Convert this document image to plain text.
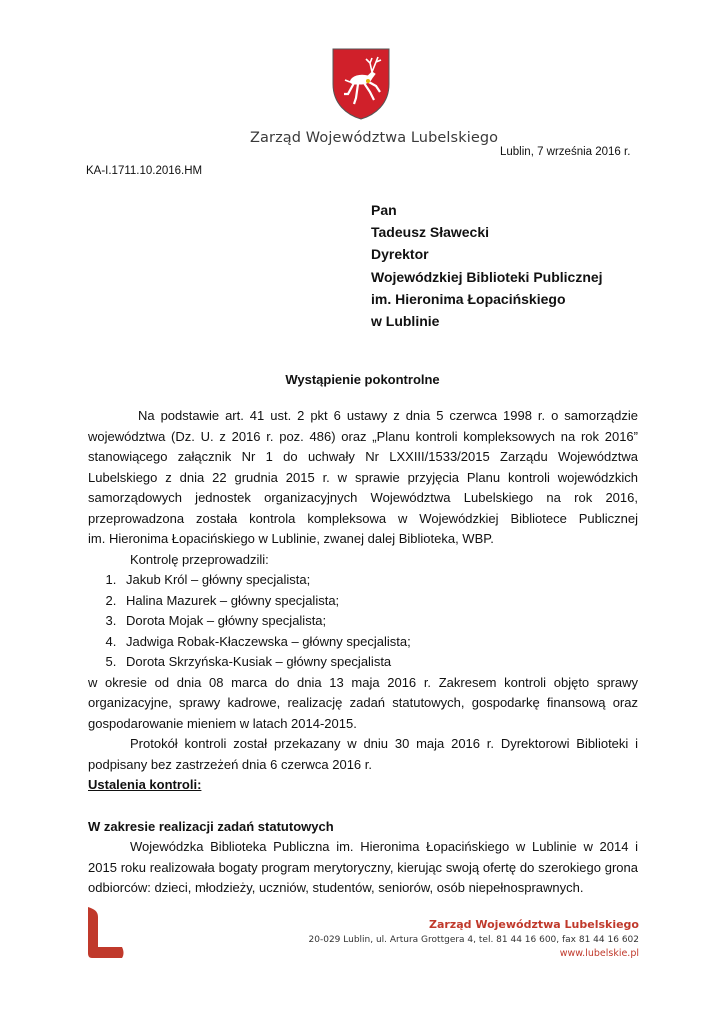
Zarząd Województwa Lubelskiego
Lublin, 7 września 2016 r.
KA-I.1711.10.2016.HM
Pan
Tadeusz Sławecki
Dyrektor
Wojewódzkiej Biblioteki Publicznej
im. Hieronima Łopacińskiego
w Lublinie
Wystąpienie pokontrolne
Na podstawie art. 41 ust. 2 pkt 6 ustawy z dnia 5 czerwca 1998 r. o samorządzie województwa (Dz. U. z 2016 r. poz. 486) oraz „Planu kontroli kompleksowych na rok 2016” stanowiącego załącznik Nr 1 do uchwały Nr LXXIII/1533/2015 Zarządu Województwa Lubelskiego z dnia 22 grudnia 2015 r. w sprawie przyjęcia Planu kontroli wojewódzkich samorządowych jednostek organizacyjnych Województwa Lubelskiego na rok 2016, przeprowadzona została kontrola kompleksowa w Wojewódzkiej Bibliotece Publicznej
im. Hieronima Łopacińskiego w Lublinie, zwanej dalej Biblioteka, WBP.
Kontrolę przeprowadzili:
1. Jakub Król – główny specjalista;
2. Halina Mazurek – główny specjalista;
3. Dorota Mojak – główny specjalista;
4. Jadwiga Robak-Kłaczewska – główny specjalista;
5. Dorota Skrzyńska-Kusiak – główny specjalista
w okresie od dnia 08 marca do dnia 13 maja 2016 r. Zakresem kontroli objęto sprawy organizacyjne, sprawy kadrowe, realizację zadań statutowych, gospodarkę finansową oraz gospodarowanie mieniem w latach 2014-2015.
Protokół kontroli został przekazany w dniu 30 maja 2016 r. Dyrektorowi Biblioteki i podpisany bez zastrzeżeń dnia 6 czerwca 2016 r.
Ustalenia kontroli:
W zakresie realizacji zadań statutowych
Wojewódzka Biblioteka Publiczna im. Hieronima Łopacińskiego w Lublinie w 2014 i 2015 roku realizowała bogaty program merytoryczny, kierując swoją ofertę do szerokiego grona odbiorców: dzieci, młodzieży, uczniów, studentów, seniorów, osób niepełnosprawnych.
Zarząd Województwa Lubelskiego
20-029 Lublin, ul. Artura Grottgera 4, tel. 81 44 16 600, fax 81 44 16 602
www.lubelskie.pl
